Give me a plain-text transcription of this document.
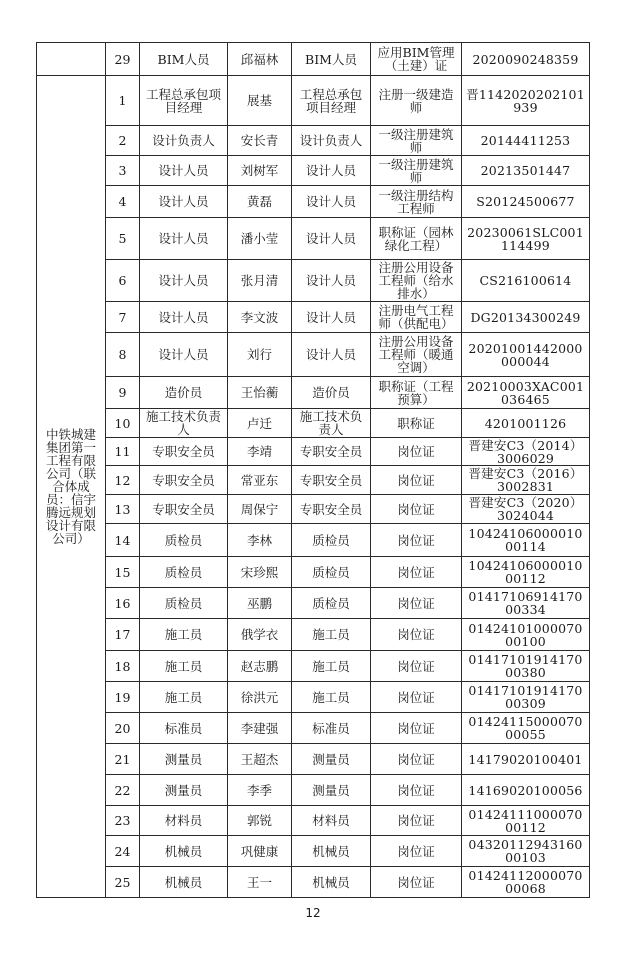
	29	BIM人员	邱福林	BIM人员	应用BIM管理（土建）证	2020090248359
中铁城建集团第一工程有限公司（联合体成员：信宇腾远规划设计有限公司）	1	工程总承包项目经理	展基	工程总承包项目经理	注册一级建造师	晋1142020202101939
	2	设计负责人	安长青	设计负责人	一级注册建筑师	20144411253
	3	设计人员	刘树军	设计人员	一级注册建筑师	20213501447
	4	设计人员	黄磊	设计人员	一级注册结构工程师	S20124500677
	5	设计人员	潘小莹	设计人员	职称证（园林绿化工程）	20230061SLC001114499
	6	设计人员	张月清	设计人员	注册公用设备工程师（给水排水）	CS216100614
	7	设计人员	李文波	设计人员	注册电气工程师（供配电）	DG20134300249
	8	设计人员	刘行	设计人员	注册公用设备工程师（暖通空调）	20201001442000000044
	9	造价员	王怡蘅	造价员	职称证（工程预算）	20210003XAC001036465
	10	施工技术负责人	卢迁	施工技术负责人	职称证	4201001126
	11	专职安全员	李靖	专职安全员	岗位证	晋建安C3（2014）3006029
	12	专职安全员	常亚东	专职安全员	岗位证	晋建安C3（2016）3002831
	13	专职安全员	周保宁	专职安全员	岗位证	晋建安C3（2020）3024044
	14	质检员	李林	质检员	岗位证	1042410600001000114
	15	质检员	宋珍熙	质检员	岗位证	1042410600001000112
	16	质检员	巫鹏	质检员	岗位证	0141710691417000334
	17	施工员	俄学衣	施工员	岗位证	0142410100007000100
	18	施工员	赵志鹏	施工员	岗位证	0141710191417000380
	19	施工员	徐洪元	施工员	岗位证	0141710191417000309
	20	标准员	李建强	标准员	岗位证	0142411500007000055
	21	测量员	王超杰	测量员	岗位证	14179020100401
	22	测量员	李季	测量员	岗位证	14169020100056
	23	材料员	郭锐	材料员	岗位证	0142411100007000112
	24	机械员	巩健康	机械员	岗位证	0432011294316000103
	25	机械员	王一	机械员	岗位证	0142411200007000068
12
